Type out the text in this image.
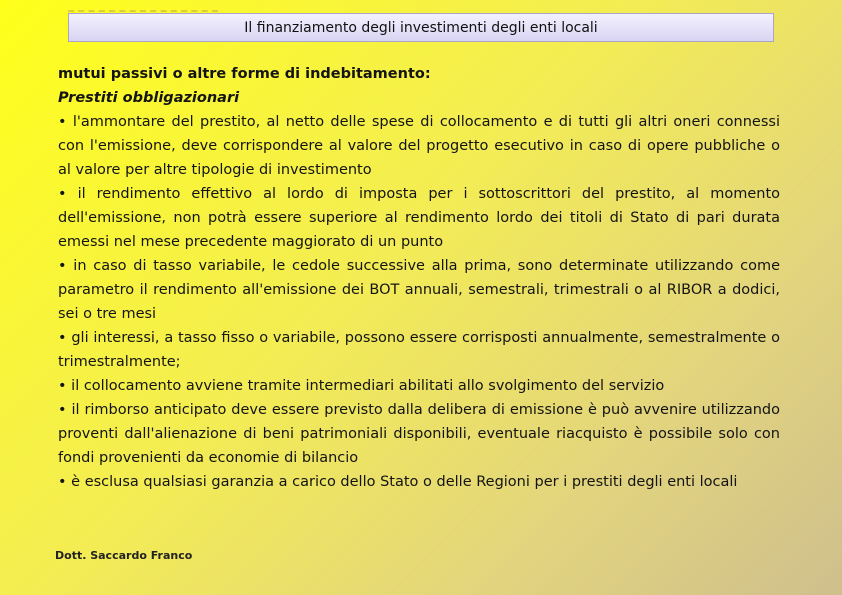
Il finanziamento degli investimenti degli enti locali

mutui passivi o altre forme di indebitamento:

Prestiti obbligazionari

• l'ammontare del prestito, al netto delle spese di collocamento e di tutti gli altri oneri connessi con l'emissione, deve corrispondere al valore del progetto esecutivo in caso di opere pubbliche o al valore per altre tipologie di investimento

• il rendimento effettivo al lordo di imposta per i sottoscrittori del prestito, al momento dell'emissione, non potrà essere superiore al rendimento lordo dei titoli di Stato di pari durata emessi nel mese precedente maggiorato di un punto

• in caso di tasso variabile, le cedole successive alla prima, sono determinate utilizzando come parametro il rendimento all'emissione dei BOT annuali, semestrali, trimestrali o al RIBOR a dodici, sei o tre mesi

• gli interessi, a tasso fisso o variabile, possono essere corrisposti annualmente, semestralmente o trimestralmente;

• il collocamento avviene tramite intermediari abilitati allo svolgimento del servizio

• il rimborso anticipato deve essere previsto dalla delibera di emissione è può avvenire utilizzando proventi dall'alienazione di beni patrimoniali disponibili, eventuale riacquisto è possibile solo con fondi provenienti da economie di bilancio

• è esclusa qualsiasi garanzia a carico dello Stato o delle Regioni per i prestiti degli enti locali

Dott. Saccardo Franco
